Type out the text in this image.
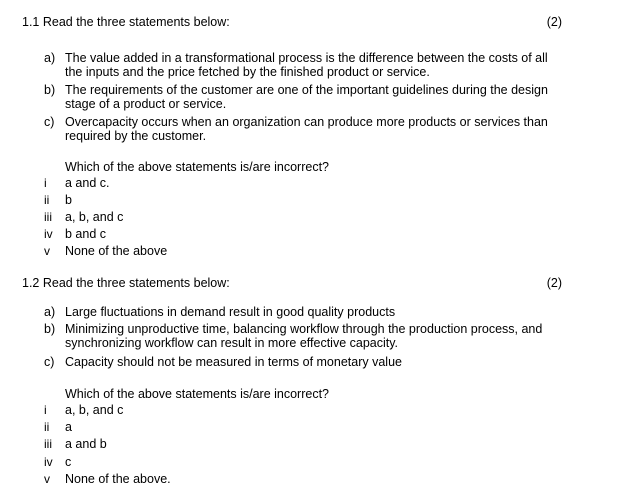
1.1 Read the three statements below:	(2)
a) The value added in a transformational process is the difference between the costs of all the inputs and the price fetched by the finished product or service.
b) The requirements of the customer are one of the important guidelines during the design stage of a product or service.
c) Overcapacity occurs when an organization can produce more products or services than required by the customer.
Which of the above statements is/are incorrect?
i	a and c.
ii	b
iii	a, b, and c
iv b and c
v	None of the above
1.2 Read the three statements below:	(2)
a) Large fluctuations in demand result in good quality products
b) Minimizing unproductive time, balancing workflow through the production process, and synchronizing workflow can result in more effective capacity.
c) Capacity should not be measured in terms of monetary value
Which of the above statements is/are incorrect?
i	a, b, and c
ii	a
iii	a and b
iv c
v	None of the above.
